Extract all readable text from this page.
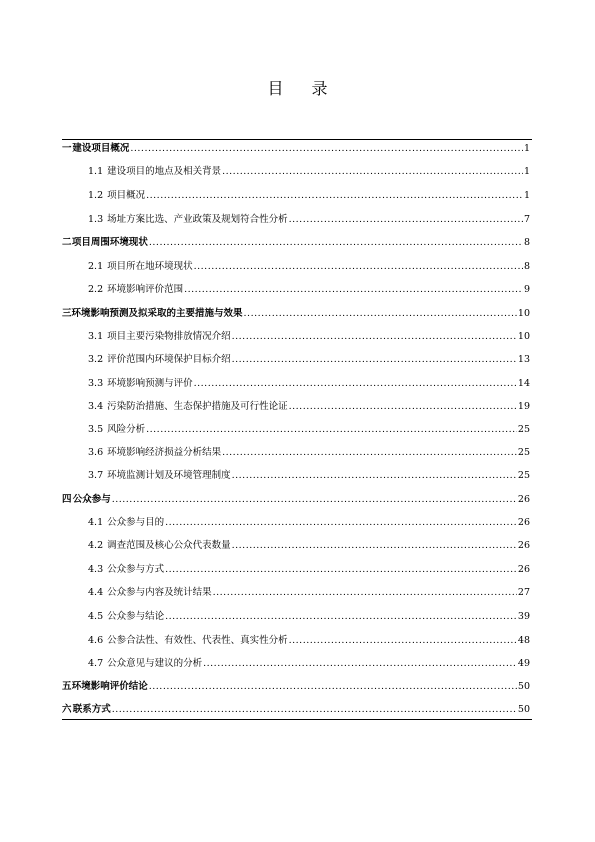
目 录
一 建设项目概况 .....	1
1.1 建设项目的地点及相关背景 .....	1
1.2 项目概况 .....	1
1.3 场址方案比选、产业政策及规划符合性分析 .....	7
二 项目周围环境现状 .....	8
2.1 项目所在地环境现状 .....	8
2.2 环境影响评价范围 .....	9
三 环境影响预测及拟采取的主要措施与效果 .....	10
3.1 项目主要污染物排放情况介绍 .....	10
3.2 评价范围内环境保护目标介绍 .....	13
3.3 环境影响预测与评价 .....	14
3.4 污染防治措施、生态保护措施及可行性论证 .....	19
3.5 风险分析 .....	25
3.6 环境影响经济损益分析结果 .....	25
3.7 环境监测计划及环境管理制度 .....	25
四 公众参与 .....	26
4.1 公众参与目的 .....	26
4.2 调查范围及核心公众代表数量 .....	26
4.3 公众参与方式 .....	26
4.4 公众参与内容及统计结果 .....	27
4.5 公众参与结论 .....	39
4.6 公参合法性、有效性、代表性、真实性分析 .....	48
4.7 公众意见与建议的分析 .....	49
五 环境影响评价结论 .....	50
六 联系方式 .....	50
